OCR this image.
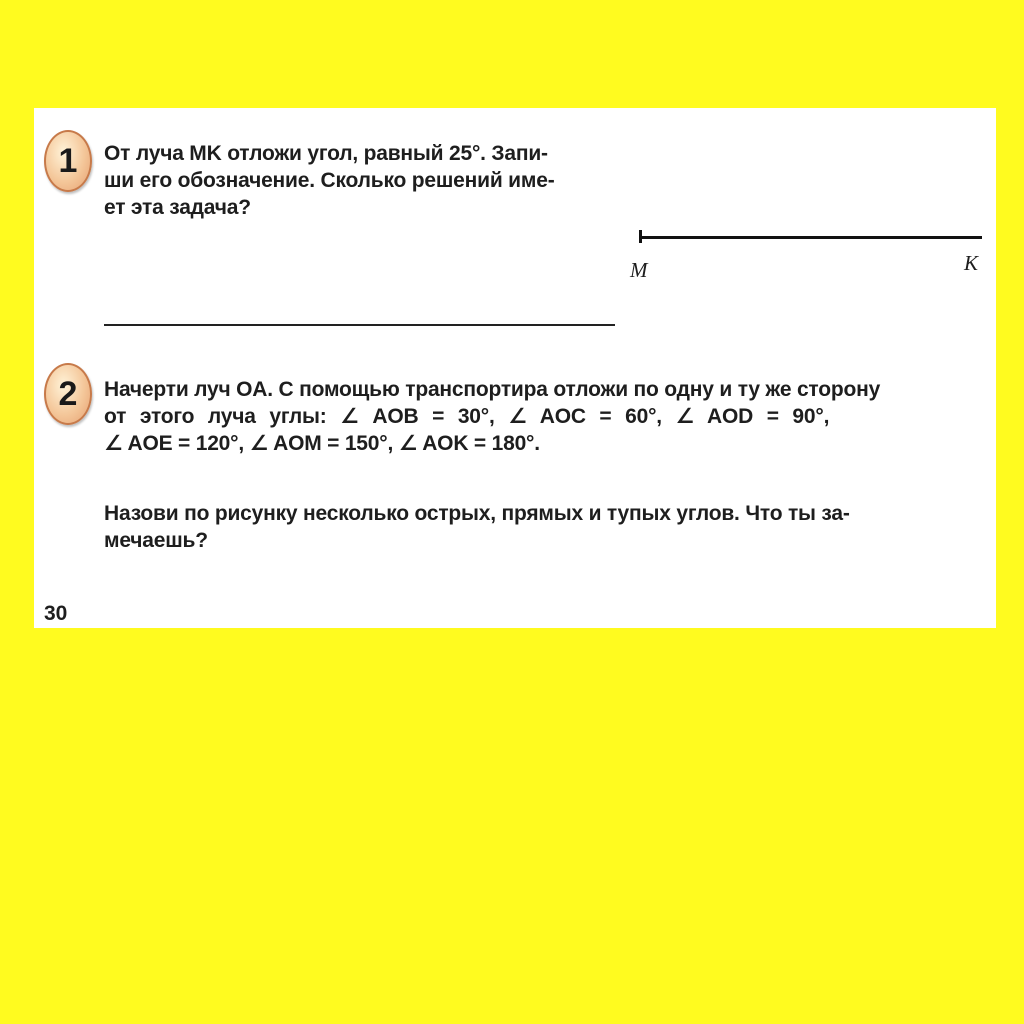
1 От луча MK отложи угол, равный 25°. Запи-
ши его обозначение. Сколько решений име-
ет эта задача?
M	K
2 Начерти луч OA. С помощью транспортира отложи по одну и ту же сторону
от этого луча углы: ∠ AOB = 30°, ∠ AOC = 60°, ∠ AOD = 90°,
∠ AOE = 120°, ∠ AOM = 150°, ∠ AOK = 180°.
Назови по рисунку несколько острых, прямых и тупых углов. Что ты за-
мечаешь?
30
